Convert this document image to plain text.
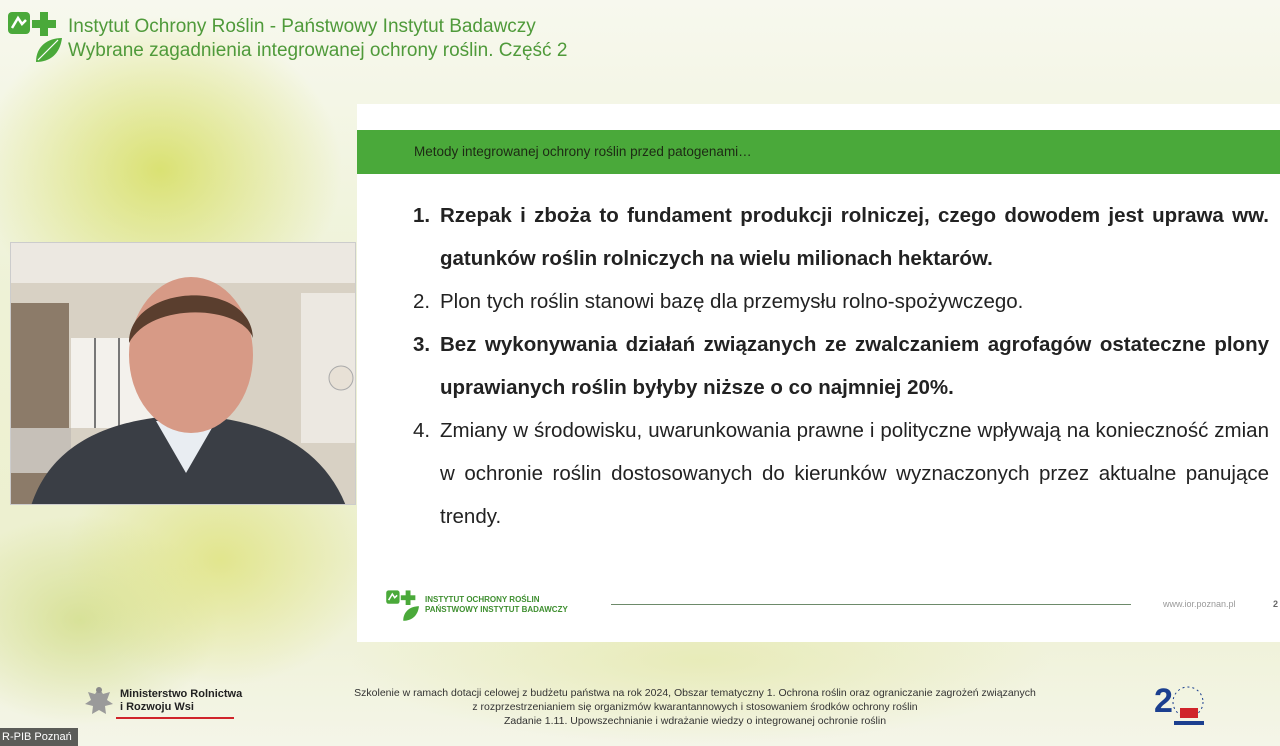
Instytut Ochrony Roślin - Państwowy Instytut Badawczy
Wybrane zagadnienia integrowanej ochrony roślin. Część 2
Metody integrowanej ochrony roślin przed patogenami…
1. Rzepak i zboża to fundament produkcji rolniczej, czego dowodem jest uprawa ww. gatunków roślin rolniczych na wielu milionach hektarów.
2. Plon tych roślin stanowi bazę dla przemysłu rolno-spożywczego.
3. Bez wykonywania działań związanych ze zwalczaniem agrofagów ostateczne plony uprawianych roślin byłyby niższe o co najmniej 20%.
4. Zmiany w środowisku, uwarunkowania prawne i polityczne wpływają na konieczność zmian w ochronie roślin dostosowanych do kierunków wyznaczonych przez aktualne panujące trendy.
INSTYTUT OCHRONY ROŚLIN
PAŃSTWOWY INSTYTUT BADAWCZY
www.ior.poznan.pl	2
Ministerstwo Rolnictwa
i Rozwoju Wsi
Szkolenie w ramach dotacji celowej z budżetu państwa na rok 2024, Obszar tematyczny 1. Ochrona roślin oraz ograniczanie zagrożeń związanych
z rozprzestrzenianiem się organizmów kwarantannowych i stosowaniem środków ochrony roślin
Zadanie 1.11. Upowszechnianie i wdrażanie wiedzy o integrowanej ochronie roślin
2
R-PIB Poznań
